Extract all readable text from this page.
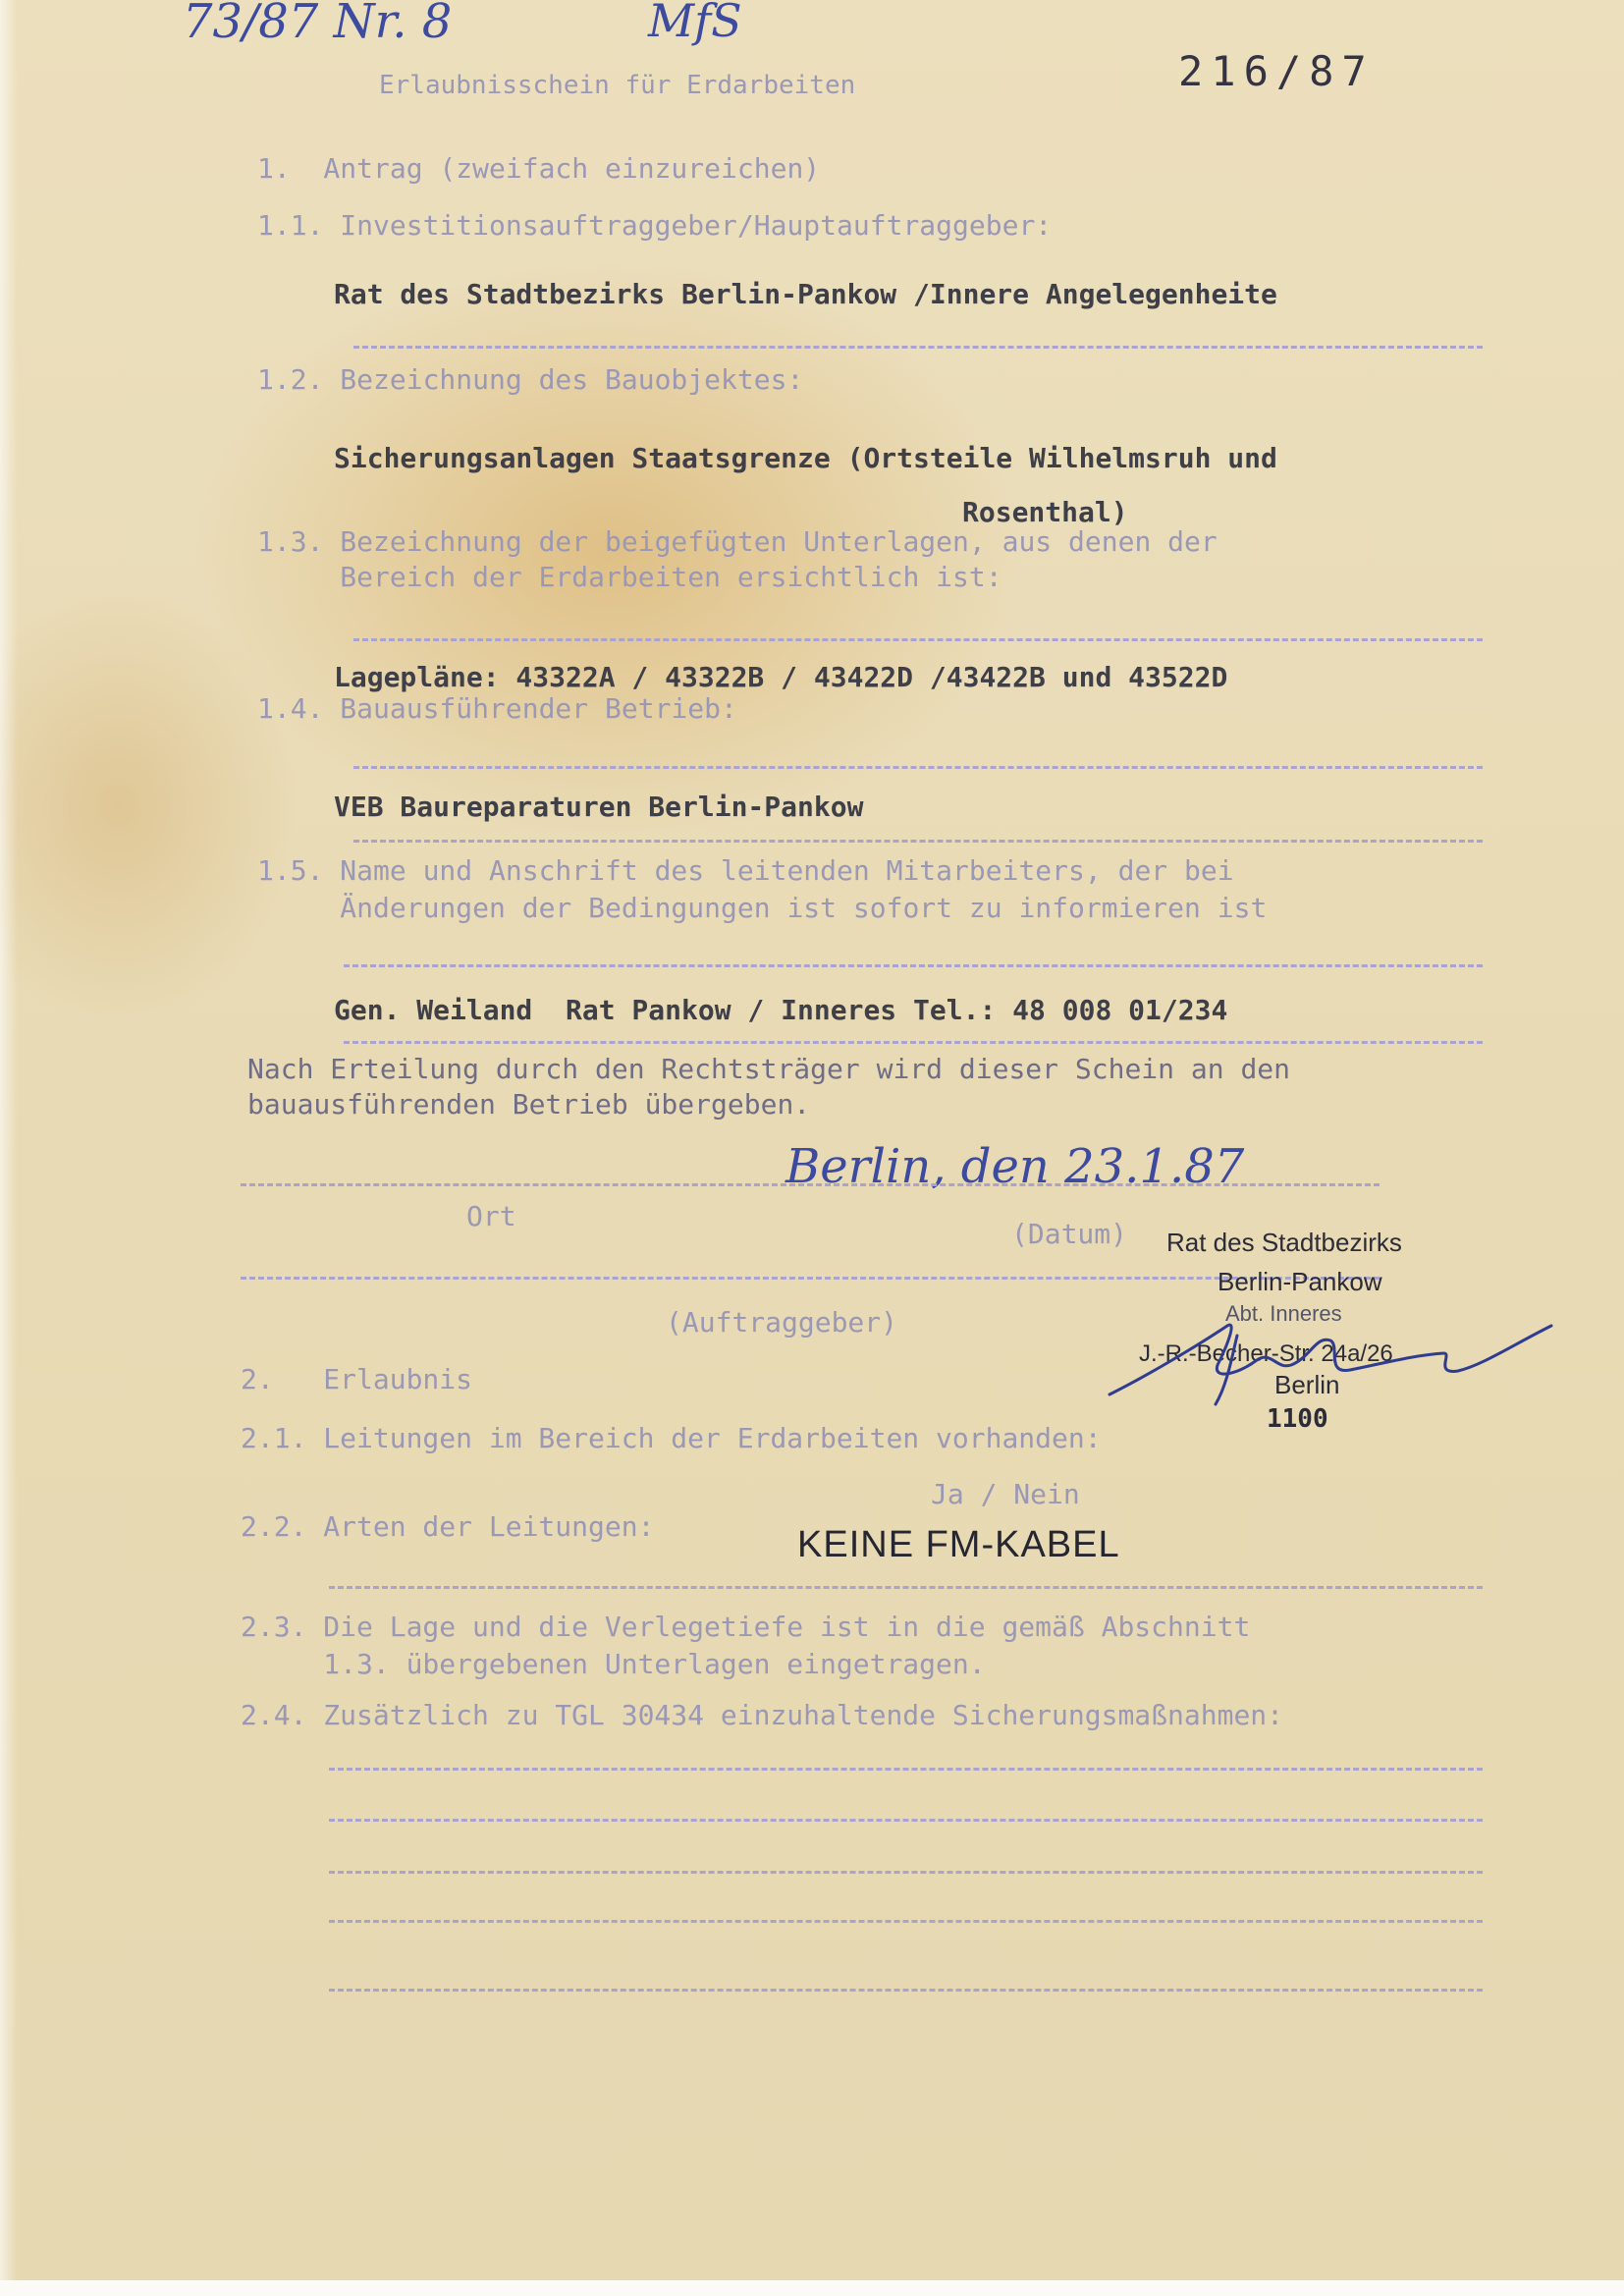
73/87 Nr. 8	MfS
216/87
Erlaubnisschein für Erdarbeiten
1.  Antrag (zweifach einzureichen)
1.1. Investitionsauftraggeber/Hauptauftraggeber:
Rat des Stadtbezirks Berlin-Pankow /Innere Angelegenheite
1.2. Bezeichnung des Bauobjektes:
Sicherungsanlagen Staatsgrenze (Ortsteile Wilhelmsruh und
Rosenthal)
1.3. Bezeichnung der beigefügten Unterlagen, aus denen der
Bereich der Erdarbeiten ersichtlich ist:
Lagepläne: 43322A / 43322B / 43422D /43422B und 43522D
1.4. Bauausführender Betrieb:
VEB Baureparaturen Berlin-Pankow
1.5. Name und Anschrift des leitenden Mitarbeiters, der bei
Änderungen der Bedingungen ist sofort zu informieren ist
Gen. Weiland  Rat Pankow / Inneres Tel.: 48 008 01/234
Nach Erteilung durch den Rechtsträger wird dieser Schein an den
bauausführenden Betrieb übergeben.
Berlin, den 23.1.87
Ort
(Datum)
(Auftraggeber)
Rat des Stadtbezirks
Berlin-Pankow
Abt. Inneres
J.-R.-Becher-Str. 24a/26
Berlin
1100
2.   Erlaubnis
2.1. Leitungen im Bereich der Erdarbeiten vorhanden:
Ja / Nein
2.2. Arten der Leitungen:	KEINE FM-KABEL
2.3. Die Lage und die Verlegetiefe ist in die gemäß Abschnitt
1.3. übergebenen Unterlagen eingetragen.
2.4. Zusätzlich zu TGL 30434 einzuhaltende Sicherungsmaßnahmen:
